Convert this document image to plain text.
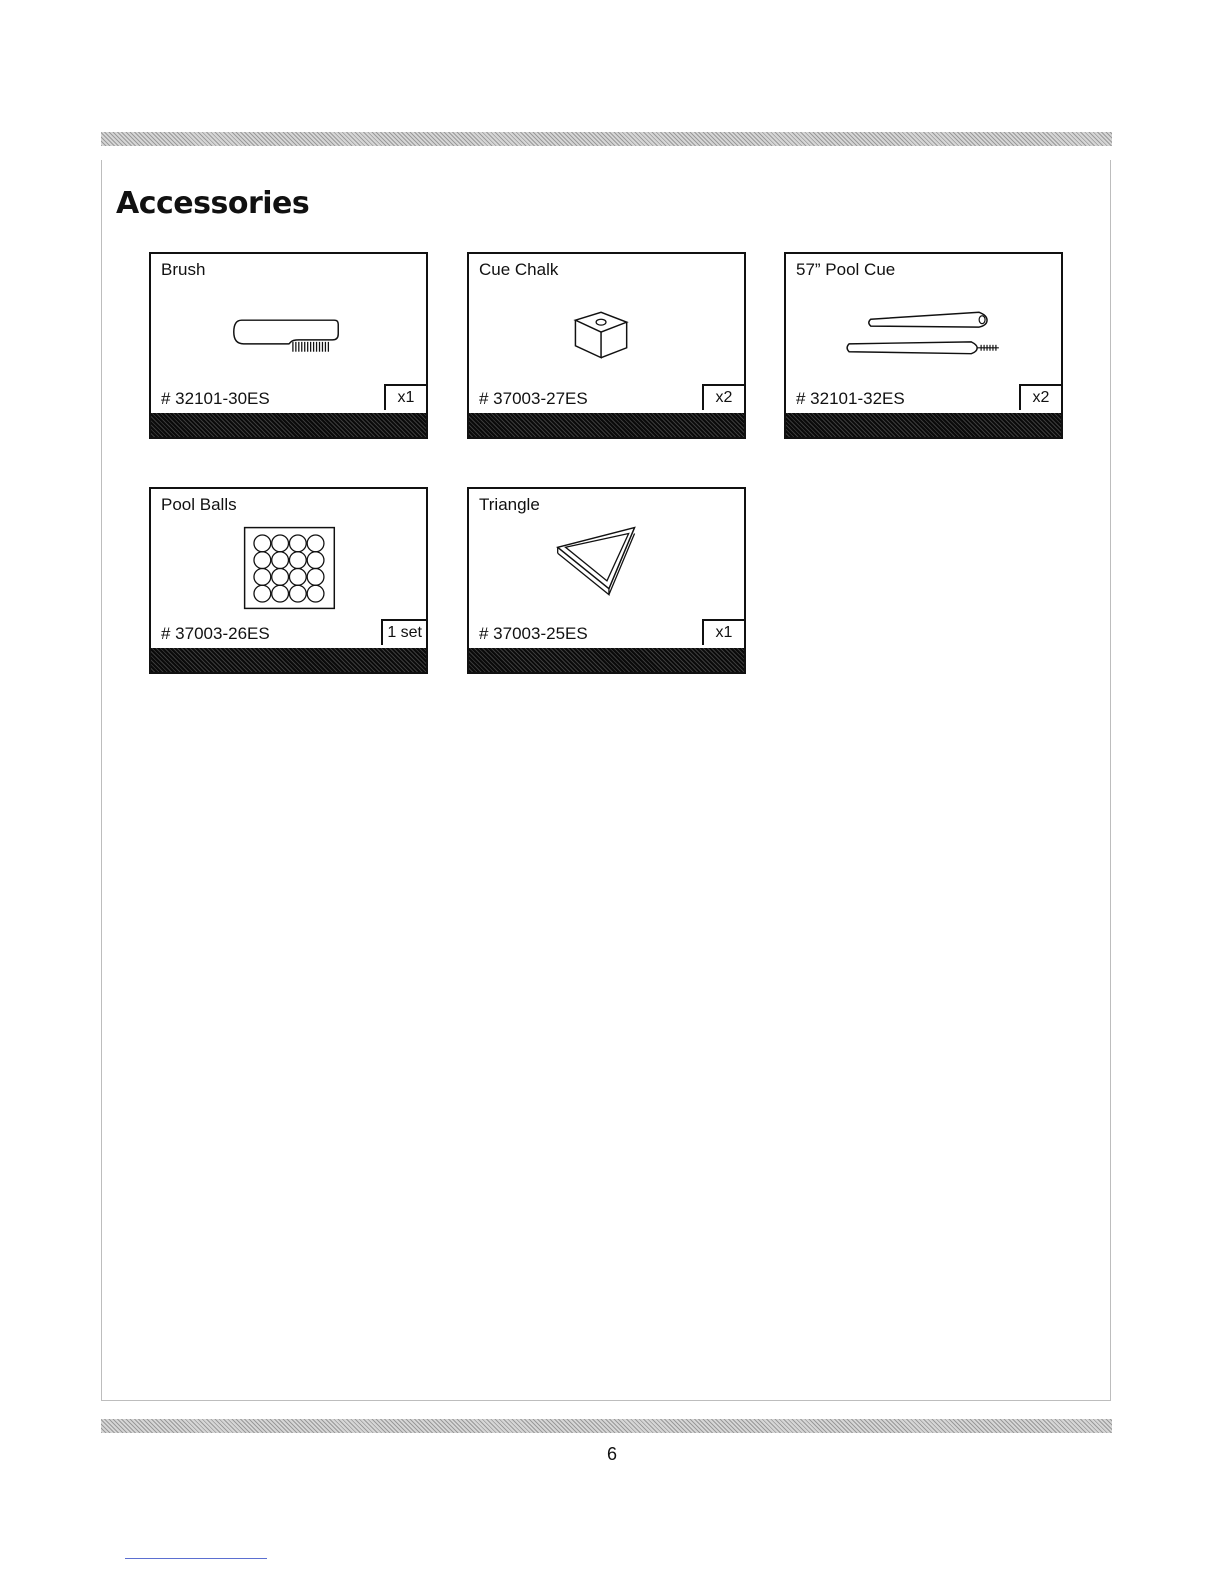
Accessories
Brush
# 32101-30ES	x1
Cue Chalk
# 37003-27ES	x2
57” Pool Cue
# 32101-32ES	x2
Pool Balls
# 37003-26ES	1 set
Triangle
# 37003-25ES	x1
6
